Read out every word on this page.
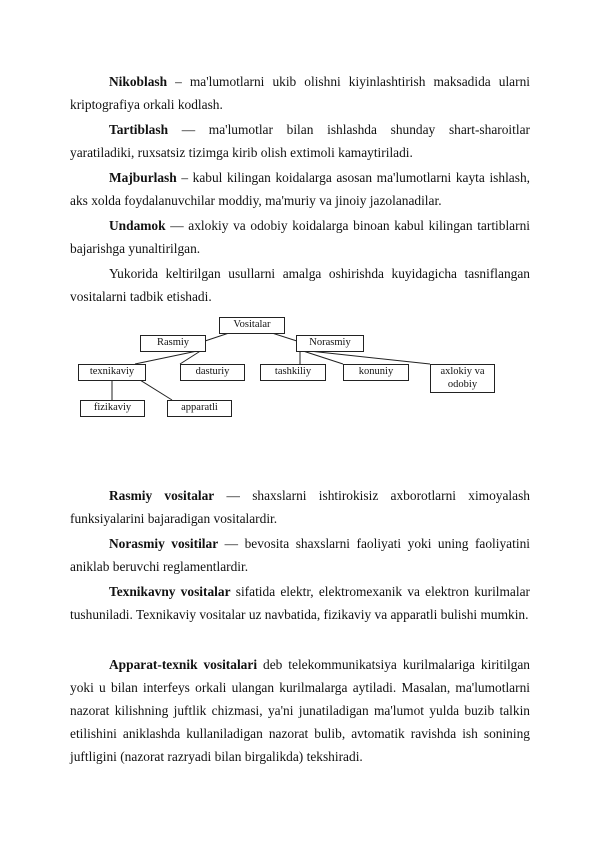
Nikoblash – ma'lumotlarni ukib olishni kiyinlashtirish maksadida ularni kriptografiya orkali kodlash.

Tartiblash — ma'lumotlar bilan ishlashda shunday shart-sharoitlar yaratiladiki, ruxsatsiz tizimga kirib olish extimoli kamaytiriladi.

Majburlash – kabul kilingan koidalarga asosan ma'lumotlarni kayta ishlash, aks xolda foydalanuvchilar moddiy, ma'muriy va jinoiy jazolanadilar.

Undamok — axlokiy va odobiy koidalarga binoan kabul kilingan tartiblarni bajarishga yunaltirilgan.

Yukorida keltirilgan usullarni amalga oshirishda kuyidagicha tasniflangan vositalarni tadbik etishadi.

Vositalar
Rasmiy	Norasmiy
texnikaviy	dasturiy	tashkiliy	konuniy	axlokiy va odobiy
fizikaviy	apparatli

Rasmiy vositalar — shaxslarni ishtirokisiz axborotlarni ximoyalash funksiyalarini bajaradigan vositalardir.

Norasmiy vositilar — bevosita shaxslarni faoliyati yoki uning faoliyatini aniklab beruvchi reglamentlardir.

Texnikavny vositalar sifatida elektr, elektromexanik va elektron kurilmalar tushuniladi. Texnikaviy vositalar uz navbatida, fizikaviy va apparatli bulishi mumkin.

Apparat-texnik vositalari deb telekommunikatsiya kurilmalariga kiritilgan yoki u bilan interfeys orkali ulangan kurilmalarga aytiladi. Masalan, ma'lumotlarni nazorat kilishning juftlik chizmasi, ya'ni junatiladigan ma'lumot yulda buzib talkin etilishini aniklashda kullaniladigan nazorat bulib, avtomatik ravishda ish sonining juftligini (nazorat razryadi bilan birgalikda) tekshiradi.
